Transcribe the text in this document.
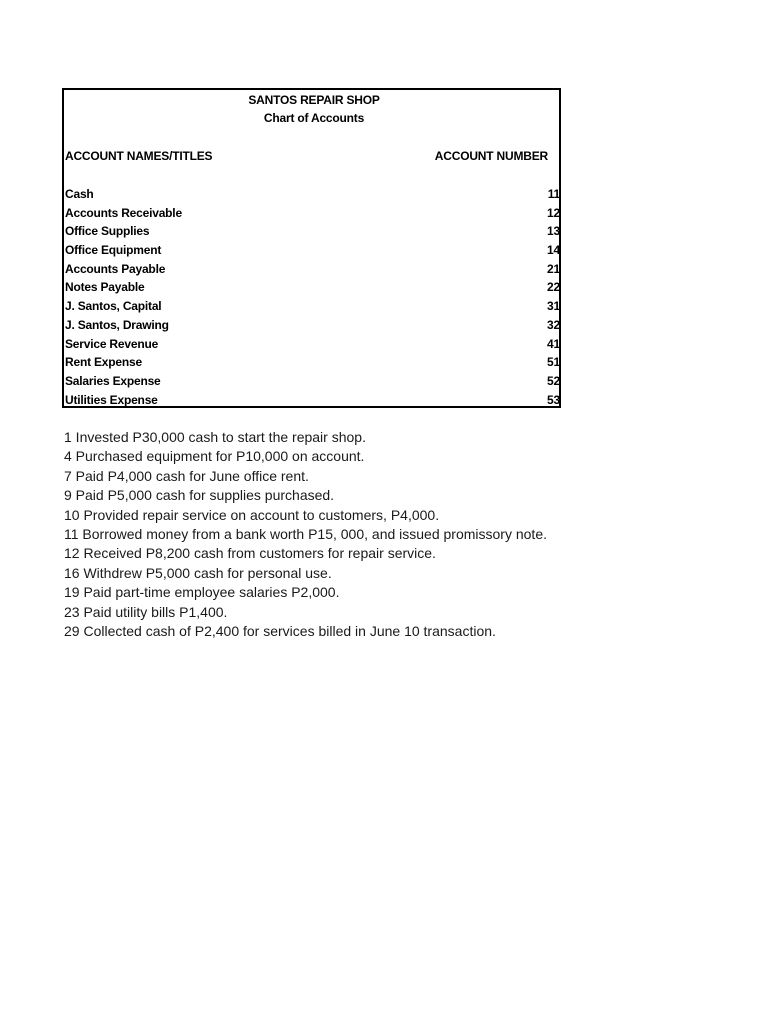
SANTOS REPAIR SHOP
Chart of Accounts
ACCOUNT NAMES/TITLES	ACCOUNT NUMBER
Cash	11
Accounts Receivable	12
Office Supplies	13
Office Equipment	14
Accounts Payable	21
Notes Payable	22
J. Santos, Capital	31
J. Santos, Drawing	32
Service Revenue	41
Rent Expense	51
Salaries Expense	52
Utilities Expense	53
1 Invested P30,000 cash to start the repair shop.
4 Purchased equipment for P10,000 on account.
7 Paid P4,000 cash for June office rent.
9 Paid P5,000 cash for supplies purchased.
10 Provided repair service on account to customers, P4,000.
11 Borrowed money from a bank worth P15, 000, and issued promissory note.
12 Received P8,200 cash from customers for repair service.
16 Withdrew P5,000 cash for personal use.
19 Paid part-time employee salaries P2,000.
23 Paid utility bills P1,400.
29 Collected cash of P2,400 for services billed in June 10 transaction.
